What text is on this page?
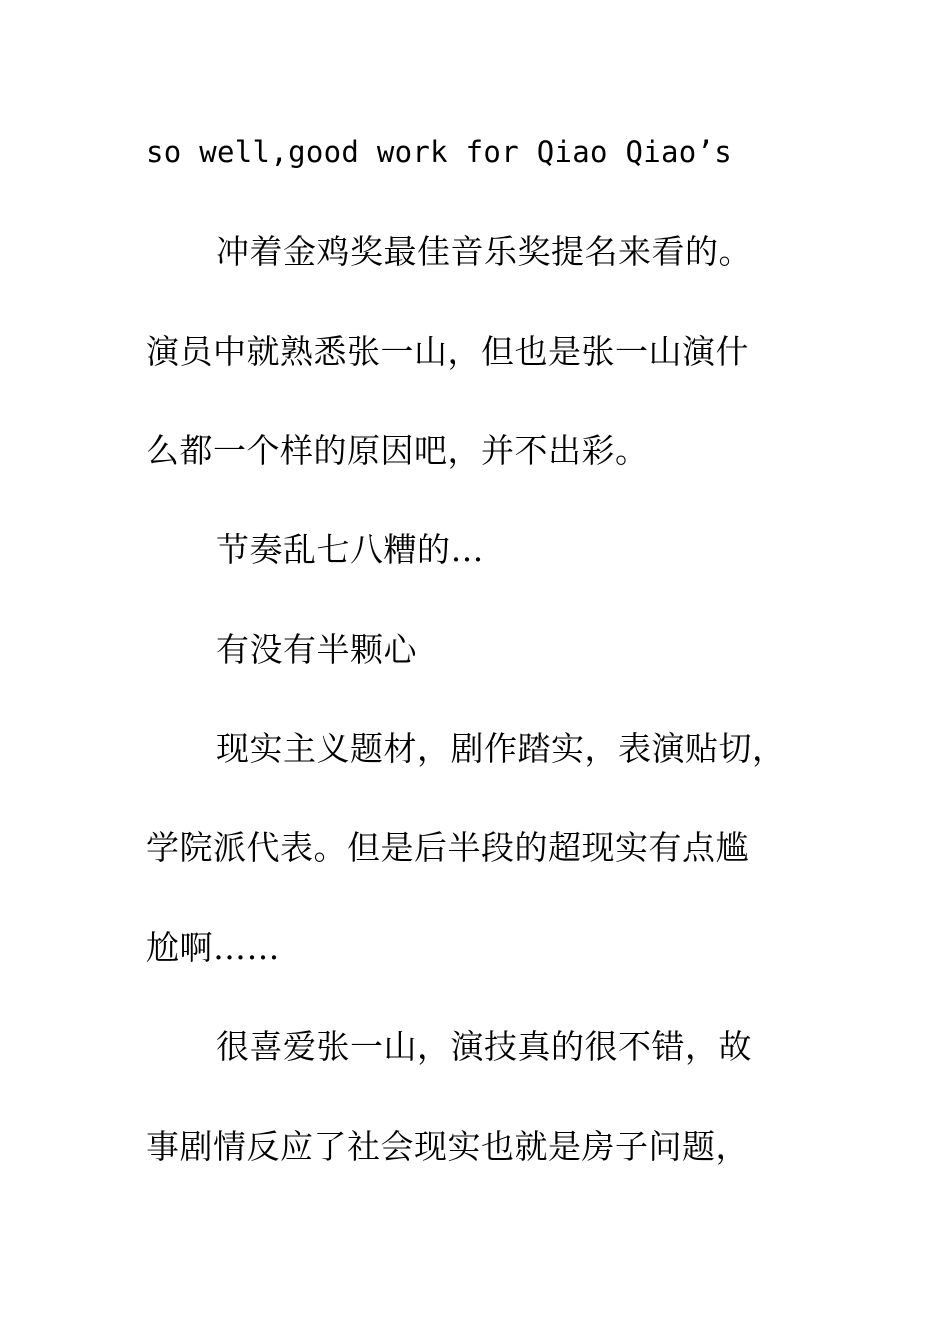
so well,good work for Qiao Qiao’s
冲着金鸡奖最佳音乐奖提名来看的。
演员中就熟悉张一山，但也是张一山演什
么都一个样的原因吧，并不出彩。
节奏乱七八糟的…
有没有半颗心
现实主义题材，剧作踏实，表演贴切，
学院派代表。但是后半段的超现实有点尴
尬啊……
很喜爱张一山，演技真的很不错，故
事剧情反应了社会现实也就是房子问题，
